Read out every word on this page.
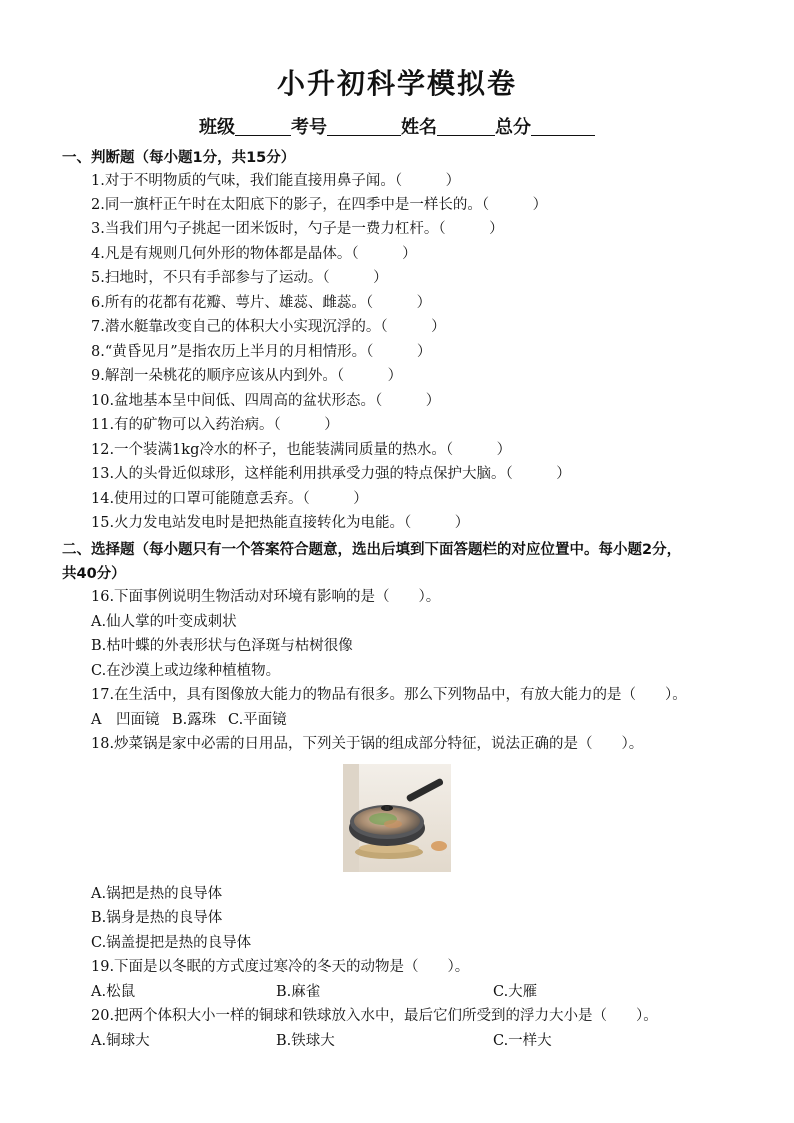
小升初科学模拟卷
班级	考号	姓名	总分
一、判断题（每小题1分，共15分）
1.对于不明物质的气味，我们能直接用鼻子闻。（　　　）
2.同一旗杆正午时在太阳底下的影子，在四季中是一样长的。（　　　）
3.当我们用勺子挑起一团米饭时，勺子是一费力杠杆。（　　　）
4.凡是有规则几何外形的物体都是晶体。（　　　）
5.扫地时，不只有手部参与了运动。（　　　）
6.所有的花都有花瓣、萼片、雄蕊、雌蕊。（　　　）
7.潜水艇靠改变自己的体积大小实现沉浮的。（　　　）
8.“黄昏见月”是指农历上半月的月相情形。（　　　）
9.解剖一朵桃花的顺序应该从内到外。（　　　）
10.盆地基本呈中间低、四周高的盆状形态。（　　　）
11.有的矿物可以入药治病。（　　　）
12.一个装满1kg冷水的杯子，也能装满同质量的热水。（　　　）
13.人的头骨近似球形，这样能利用拱承受力强的特点保护大脑。（　　　）
14.使用过的口罩可能随意丢弃。（　　　）
15.火力发电站发电时是把热能直接转化为电能。（　　　）
二、选择题（每小题只有一个答案符合题意，选出后填到下面答题栏的对应位置中。每小题2分，
共40分）
16.下面事例说明生物活动对环境有影响的是（　　）。
A.仙人掌的叶变成刺状
B.枯叶蝶的外表形状与色泽斑与枯树很像
C.在沙漠上或边缘种植植物。
17.在生活中，具有图像放大能力的物品有很多。那么下列物品中，有放大能力的是（　　）。
A　凹面镜 B.露珠 C.平面镜
18.炒菜锅是家中必需的日用品，下列关于锅的组成部分特征，说法正确的是（　　）。
A.锅把是热的良导体
B.锅身是热的良导体
C.锅盖提把是热的良导体
19.下面是以冬眠的方式度过寒冷的冬天的动物是（　　）。
A.松鼠	B.麻雀	C.大雁
20.把两个体积大小一样的铜球和铁球放入水中，最后它们所受到的浮力大小是（　　）。
A.铜球大	B.铁球大	C.一样大
